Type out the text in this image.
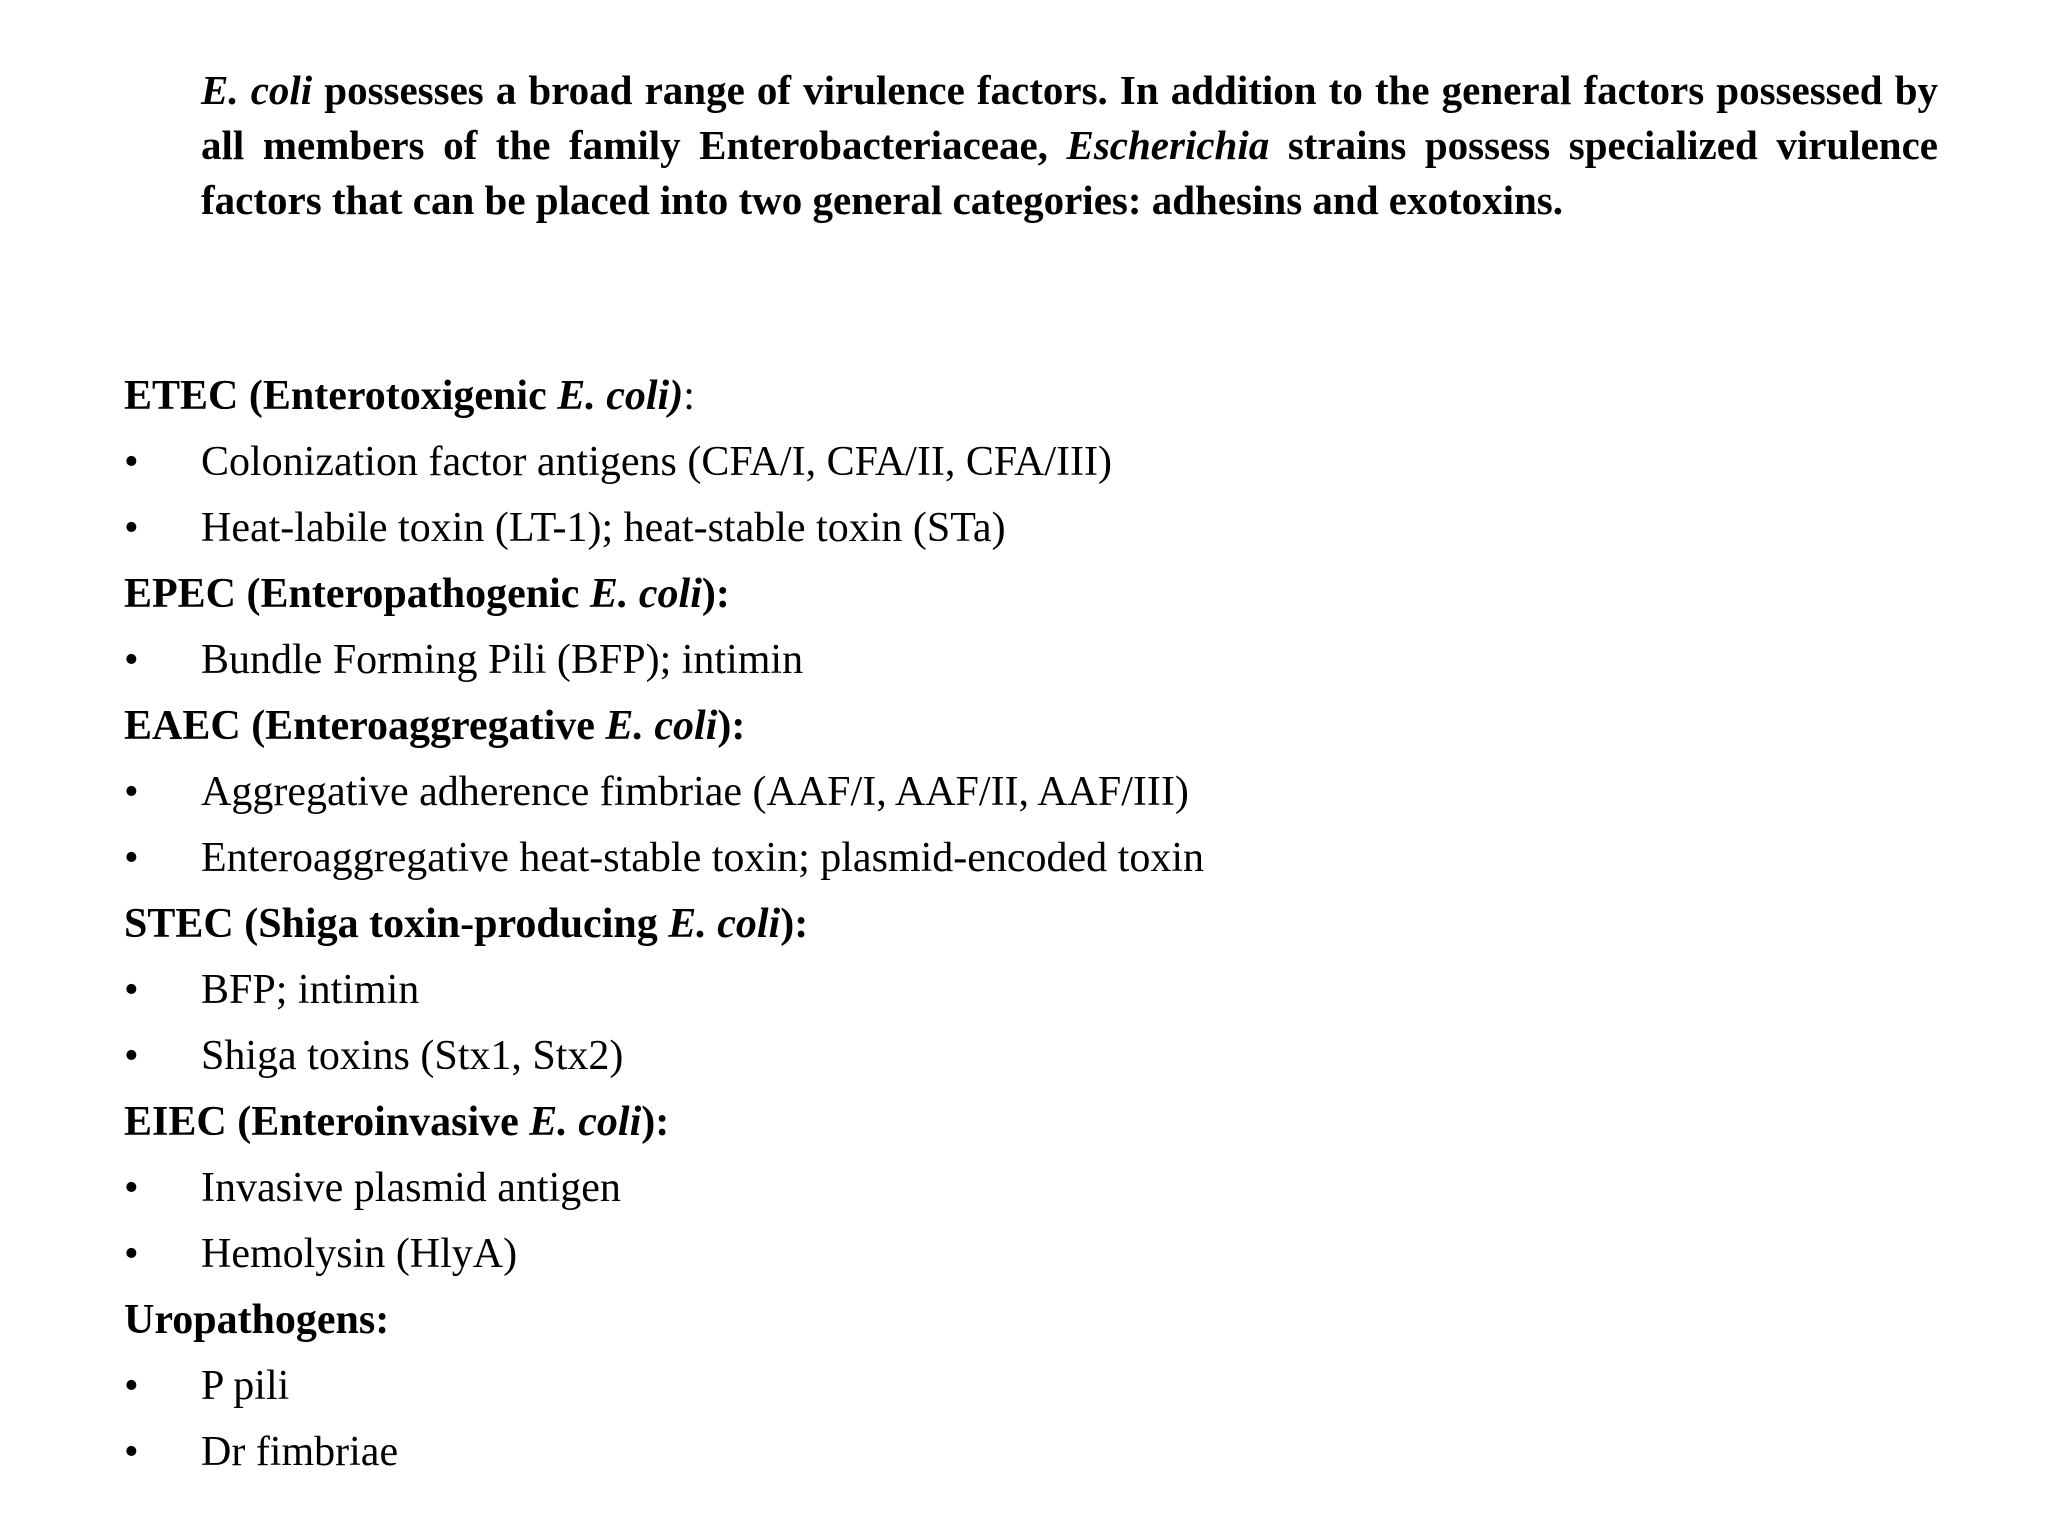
E. coli possesses a broad range of virulence factors. In addition to the general factors possessed by all members of the family Enterobacteriaceae, Escherichia strains possess specialized virulence factors that can be placed into two general categories: adhesins and exotoxins.

ETEC (Enterotoxigenic E. coli):
•	Colonization factor antigens (CFA/I, CFA/II, CFA/III)
•	Heat-labile toxin (LT-1); heat-stable toxin (STa)
EPEC (Enteropathogenic E. coli):
•	Bundle Forming Pili (BFP); intimin
EAEC (Enteroaggregative E. coli):
•	Aggregative adherence fimbriae (AAF/I, AAF/II, AAF/III)
•	Enteroaggregative heat-stable toxin; plasmid-encoded toxin
STEC (Shiga toxin-producing E. coli):
•	BFP; intimin
•	Shiga toxins (Stx1, Stx2)
EIEC (Enteroinvasive E. coli):
•	Invasive plasmid antigen
•	Hemolysin (HlyA)
Uropathogens:
•	P pili
•	Dr fimbriae
